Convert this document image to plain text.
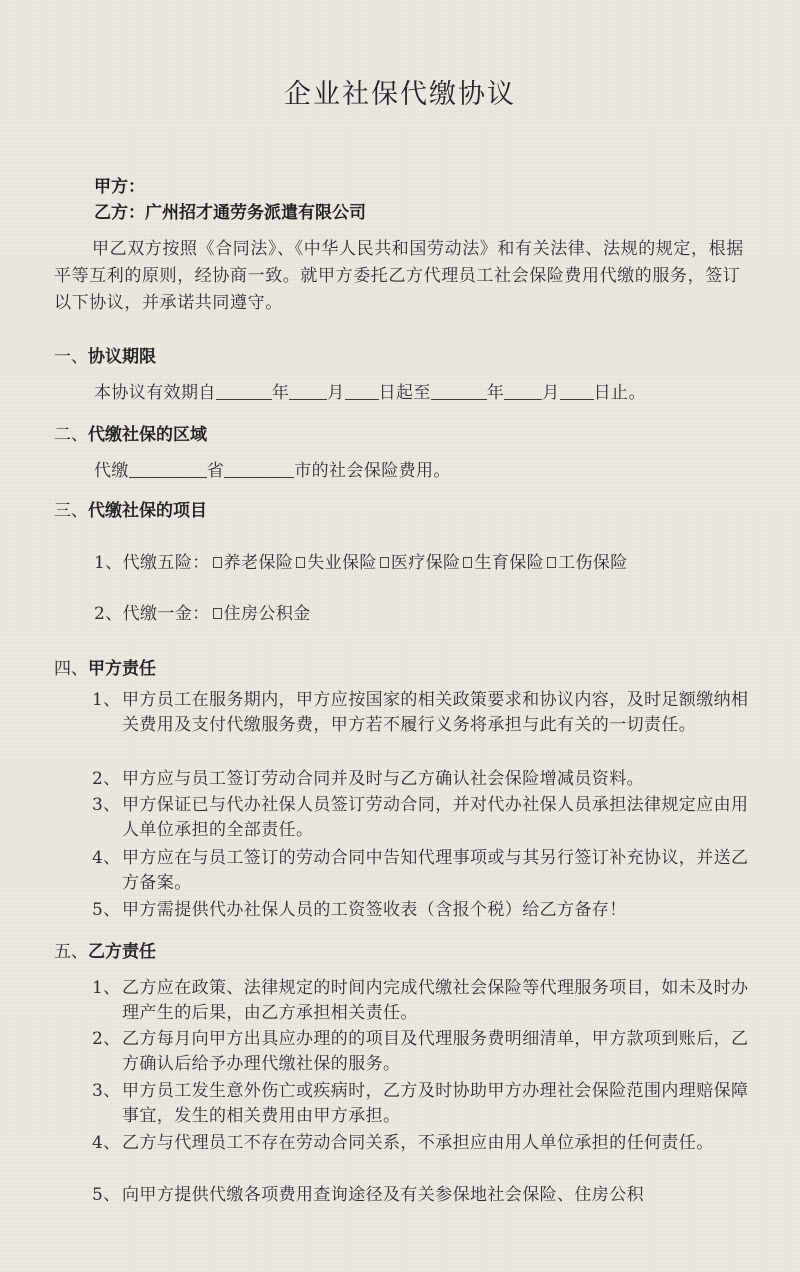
企业社保代缴协议
甲方：
乙方：广州招才通劳务派遣有限公司
甲乙双方按照《合同法》、《中华人民共和国劳动法》和有关法律、法规的规定，根据平等互利的原则，经协商一致。就甲方委托乙方代理员工社会保险费用代缴的服务，签订以下协议，并承诺共同遵守。
一、协议期限
本协议有效期自	年 月 日起至	年 月 日止。
二、代缴社保的区域
代缴	省	市的社会保险费用。
三、代缴社保的项目
1、代缴五险： 养老保险 失业保险 医疗保险 生育保险 工伤保险
2、代缴一金： 住房公积金
四、甲方责任
1、 甲方员工在服务期内，甲方应按国家的相关政策要求和协议内容，及时足额缴纳相关费用及支付代缴服务费，甲方若不履行义务将承担与此有关的一切责任。
2、 甲方应与员工签订劳动合同并及时与乙方确认社会保险增减员资料。
3、 甲方保证已与代办社保人员签订劳动合同，并对代办社保人员承担法律规定应由用人单位承担的全部责任。
4、 甲方应在与员工签订的劳动合同中告知代理事项或与其另行签订补充协议，并送乙方备案。
5、 甲方需提供代办社保人员的工资签收表（含报个税）给乙方备存！
五、乙方责任
1、 乙方应在政策、法律规定的时间内完成代缴社会保险等代理服务项目，如未及时办理产生的后果，由乙方承担相关责任。
2、 乙方每月向甲方出具应办理的的项目及代理服务费明细清单，甲方款项到账后，乙方确认后给予办理代缴社保的服务。
3、 甲方员工发生意外伤亡或疾病时，乙方及时协助甲方办理社会保险范围内理赔保障事宜，发生的相关费用由甲方承担。
4、 乙方与代理员工不存在劳动合同关系，不承担应由用人单位承担的任何责任。
5、 向甲方提供代缴各项费用查询途径及有关参保地社会保险、住房公积
